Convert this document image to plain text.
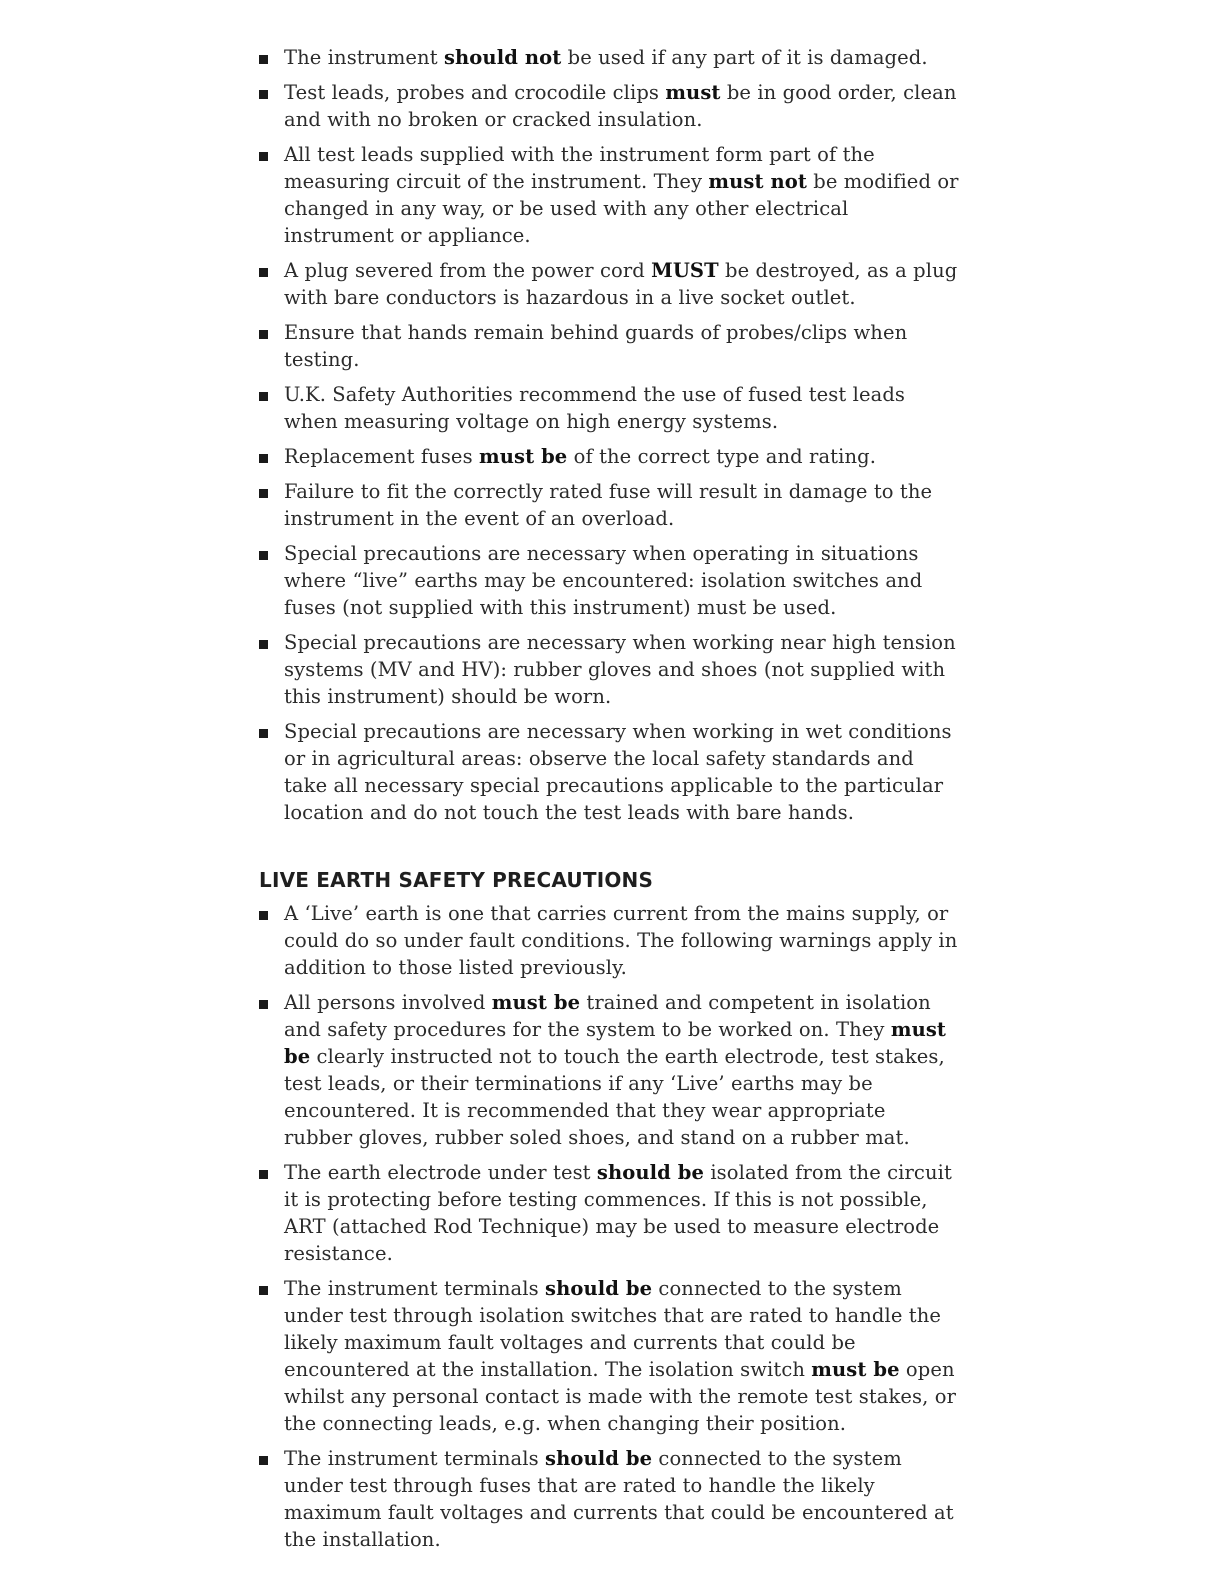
The instrument should not be used if any part of it is damaged.
Test leads, probes and crocodile clips must be in good order, clean and with no broken or cracked insulation.
All test leads supplied with the instrument form part of the measuring circuit of the instrument. They must not be modified or changed in any way, or be used with any other electrical instrument or appliance.
A plug severed from the power cord MUST be destroyed, as a plug with bare conductors is hazardous in a live socket outlet.
Ensure that hands remain behind guards of probes/clips when testing.
U.K. Safety Authorities recommend the use of fused test leads when measuring voltage on high energy systems.
Replacement fuses must be of the correct type and rating.
Failure to fit the correctly rated fuse will result in damage to the instrument in the event of an overload.
Special precautions are necessary when operating in situations where “live” earths may be encountered: isolation switches and fuses (not supplied with this instrument) must be used.
Special precautions are necessary when working near high tension systems (MV and HV): rubber gloves and shoes (not supplied with this instrument) should be worn.
Special precautions are necessary when working in wet conditions or in agricultural areas: observe the local safety standards and take all necessary special precautions applicable to the particular location and do not touch the test leads with bare hands.
LIVE EARTH SAFETY PRECAUTIONS
A ‘Live’ earth is one that carries current from the mains supply, or could do so under fault conditions. The following warnings apply in addition to those listed previously.
All persons involved must be trained and competent in isolation and safety procedures for the system to be worked on. They must be clearly instructed not to touch the earth electrode, test stakes, test leads, or their terminations if any ‘Live’ earths may be encountered. It is recommended that they wear appropriate rubber gloves, rubber soled shoes, and stand on a rubber mat.
The earth electrode under test should be isolated from the circuit it is protecting before testing commences. If this is not possible, ART (attached Rod Technique) may be used to measure electrode resistance.
The instrument terminals should be connected to the system under test through isolation switches that are rated to handle the likely maximum fault voltages and currents that could be encountered at the installation. The isolation switch must be open whilst any personal contact is made with the remote test stakes, or the connecting leads, e.g. when changing their position.
The instrument terminals should be connected to the system under test through fuses that are rated to handle the likely maximum fault voltages and currents that could be encountered at the installation.
